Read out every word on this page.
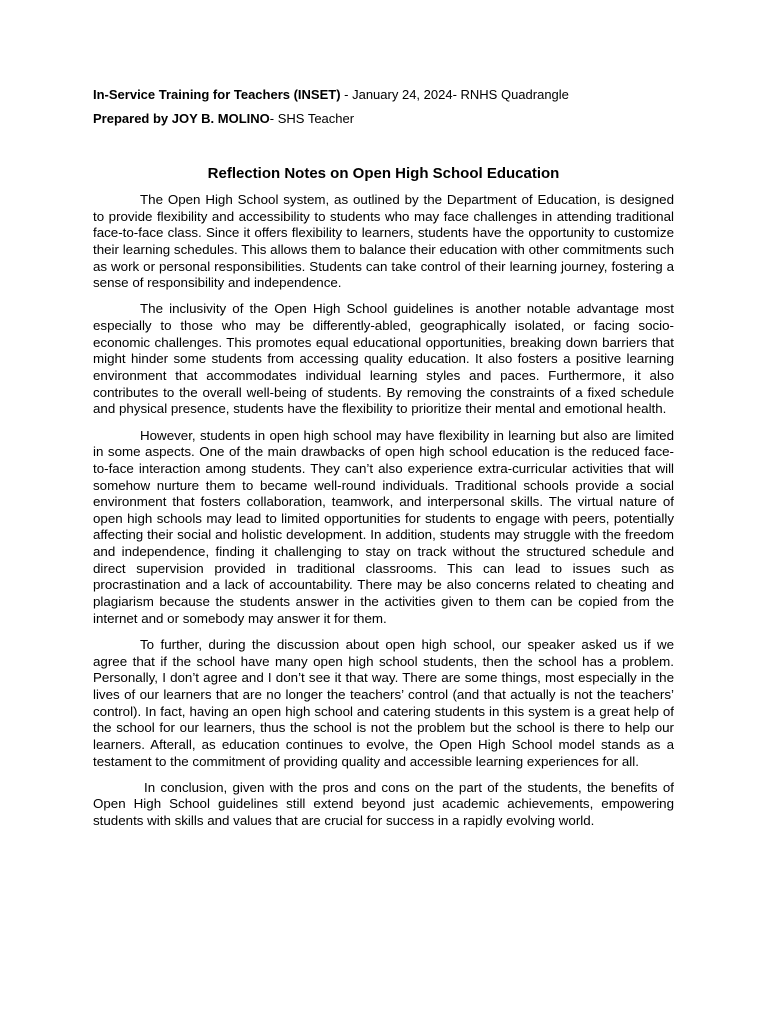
In-Service Training for Teachers (INSET) - January 24, 2024- RNHS Quadrangle

Prepared by JOY B. MOLINO- SHS Teacher

Reflection Notes on Open High School Education

The Open High School system, as outlined by the Department of Education, is designed to provide flexibility and accessibility to students who may face challenges in attending traditional face-to-face class. Since it offers flexibility to learners, students have the opportunity to customize their learning schedules. This allows them to balance their education with other commitments such as work or personal responsibilities. Students can take control of their learning journey, fostering a sense of responsibility and independence.

The inclusivity of the Open High School guidelines is another notable advantage most especially to those who may be differently-abled, geographically isolated, or facing socio-economic challenges. This promotes equal educational opportunities, breaking down barriers that might hinder some students from accessing quality education. It also fosters a positive learning environment that accommodates individual learning styles and paces. Furthermore, it also contributes to the overall well-being of students. By removing the constraints of a fixed schedule and physical presence, students have the flexibility to prioritize their mental and emotional health.

However, students in open high school may have flexibility in learning but also are limited in some aspects. One of the main drawbacks of open high school education is the reduced face-to-face interaction among students. They can’t also experience extra-curricular activities that will somehow nurture them to became well-round individuals. Traditional schools provide a social environment that fosters collaboration, teamwork, and interpersonal skills. The virtual nature of open high schools may lead to limited opportunities for students to engage with peers, potentially affecting their social and holistic development. In addition, students may struggle with the freedom and independence, finding it challenging to stay on track without the structured schedule and direct supervision provided in traditional classrooms. This can lead to issues such as procrastination and a lack of accountability. There may be also concerns related to cheating and plagiarism because the students answer in the activities given to them can be copied from the internet and or somebody may answer it for them.

To further, during the discussion about open high school, our speaker asked us if we agree that if the school have many open high school students, then the school has a problem. Personally, I don’t agree and I don’t see it that way. There are some things, most especially in the lives of our learners that are no longer the teachers’ control (and that actually is not the teachers’ control). In fact, having an open high school and catering students in this system is a great help of the school for our learners, thus the school is not the problem but the school is there to help our learners. Afterall, as education continues to evolve, the Open High School model stands as a testament to the commitment of providing quality and accessible learning experiences for all.

In conclusion, given with the pros and cons on the part of the students, the benefits of Open High School guidelines still extend beyond just academic achievements, empowering students with skills and values that are crucial for success in a rapidly evolving world.
